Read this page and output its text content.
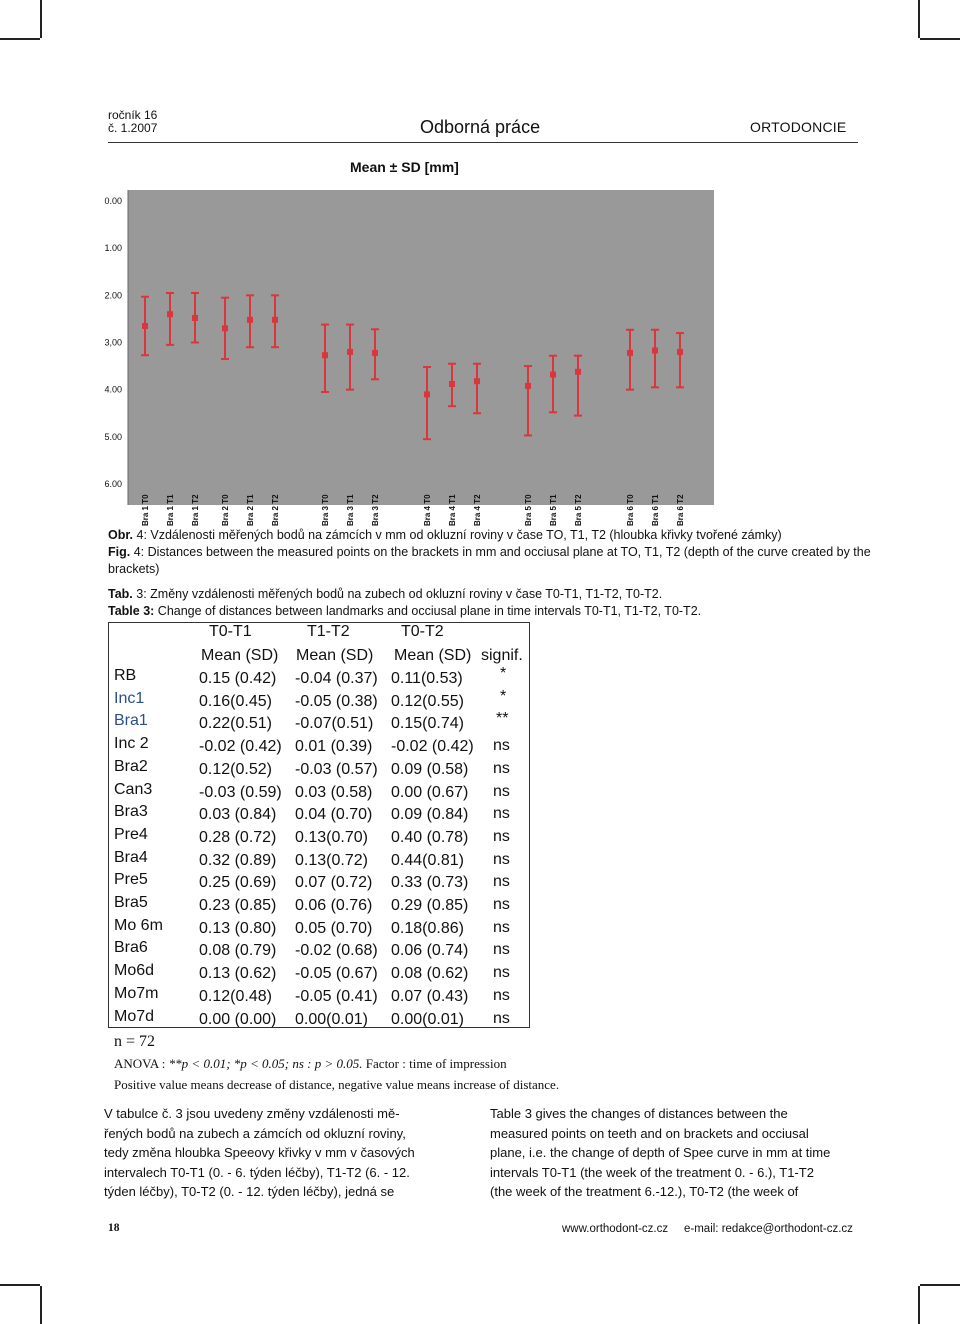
ročník 16
č. 1.2007	Odborná práce	ORTODONCIE
Mean ± SD [mm]
0.00
1.00
2.00
3,00
4.00
5.00
6.00
Bra 1 T0 Bra 1 T1 Bra 1 T2	Bra 2 T0 Bra 2 T1 Bra 2 T2	Bra 3 T0 Bra 3 T1 Bra 3 T2	Bra 4 T0 Bra 4 T1 Bra 4 T2	Bra 5 T0 Bra 5 T1 Bra 5 T2	Bra 6 T0 Bra 6 T1 Bra 6 T2
Obr. 4: Vzdálenosti měřených bodů na zámcích v mm od okluzní roviny v čase TO, T1, T2 (hloubka křivky tvořené zámky)
Fig. 4: Distances between the measured points on the brackets in mm and occiusal plane at TO, T1, T2 (depth of the curve created by the
brackets)
Tab. 3: Změny vzdálenosti měřených bodů na zubech od okluzní roviny v čase T0-T1, T1-T2, T0-T2.
Table 3: Change of distances between landmarks and occiusal plane in time intervals T0-T1, T1-T2, T0-T2.
T0-T1	T1-T2	T0-T2
Mean (SD) Mean (SD) Mean (SD) signif.
RB	0.15 (0.42) -0.04 (0.37) 0.11(0.53) *
Inc1	0.16(0.45) -0.05 (0.38) 0.12(0.55) *
Bra1	0.22(0.51) -0.07(0.51) 0.15(0.74) **
Inc 2	-0.02 (0.42) 0.01 (0.39) -0.02 (0.42) ns
Bra2	0.12(0.52) -0.03 (0.57) 0.09 (0.58) ns
Can3	-0.03 (0.59) 0.03 (0.58) 0.00 (0.67) ns
Bra3	0.03 (0.84) 0.04 (0.70) 0.09 (0.84) ns
Pre4	0.28 (0.72) 0.13(0.70) 0.40 (0.78) ns
Bra4	0.32 (0.89) 0.13(0.72) 0.44(0.81) ns
Pre5	0.25 (0.69) 0.07 (0.72) 0.33 (0.73) ns
Bra5	0.23 (0.85) 0.06 (0.76) 0.29 (0.85) ns
Mo 6m 0.13 (0.80) 0.05 (0.70) 0.18(0.86) ns
Bra6	0.08 (0.79) -0.02 (0.68) 0.06 (0.74) ns
Mo6d	0.13 (0.62) -0.05 (0.67) 0.08 (0.62) ns
Mo7m	0.12(0.48) -0.05 (0.41) 0.07 (0.43) ns
Mo7d	0.00 (0.00) 0.00(0.01) 0.00(0.01) ns
n = 72
ANOVA : **p < 0.01; *p < 0.05; ns : p > 0.05. Factor : time of impression
Positive value means decrease of distance, negative value means increase of distance.
V tabulce č. 3 jsou uvedeny změny vzdálenosti mě-
řených bodů na zubech a zámcích od okluzní roviny,
tedy změna hloubka Speeovy křivky v mm v časových
intervalech T0-T1 (0. - 6. týden léčby), T1-T2 (6. - 12.
týden léčby), T0-T2 (0. - 12. týden léčby), jedná se
Table 3 gives the changes of distances between the
measured points on teeth and on brackets and occiusal
plane, i.e. the change of depth of Spee curve in mm at time
intervals T0-T1 (the week of the treatment 0. - 6.), T1-T2
(the week of the treatment 6.-12.), T0-T2 (the week of
18	www.orthodont-cz.cz e-mail: redakce@orthodont-cz.cz
